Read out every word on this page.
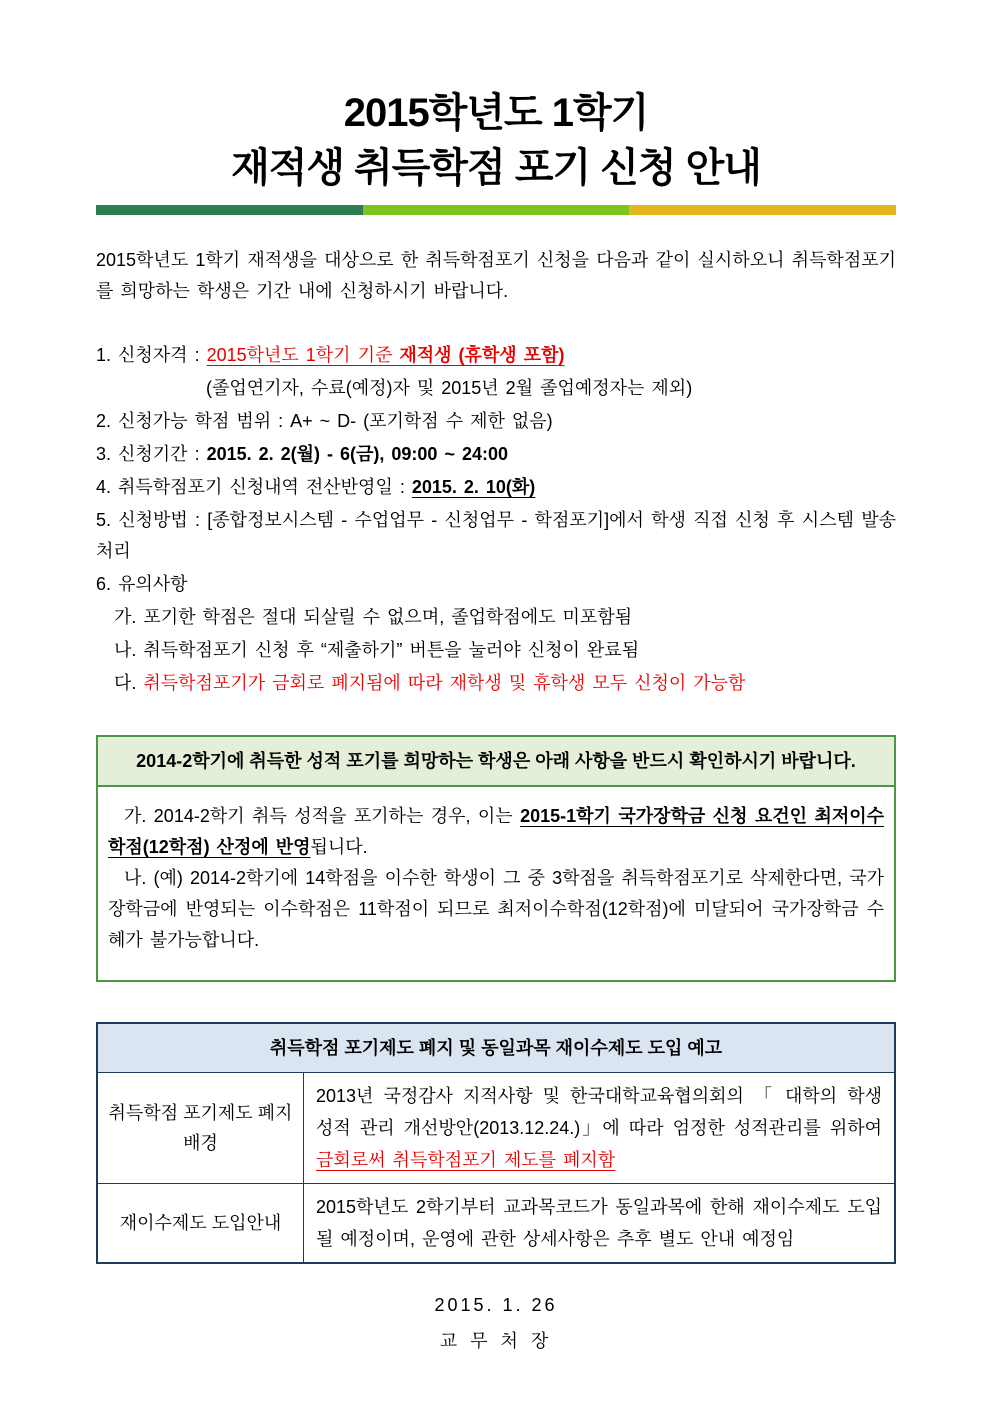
2015학년도 1학기
재적생 취득학점 포기 신청 안내

2015학년도 1학기 재적생을 대상으로 한 취득학점포기 신청을 다음과 같이 실시하오니 취득학점포기를 희망하는 학생은 기간 내에 신청하시기 바랍니다.

1. 신청자격 : 2015학년도 1학기 기준 재적생 (휴학생 포함)
(졸업연기자, 수료(예정)자 및 2015년 2월 졸업예정자는 제외)
2. 신청가능 학점 범위 : A+ ~ D- (포기학점 수 제한 없음)
3. 신청기간 : 2015. 2. 2(월) - 6(금), 09:00 ~ 24:00
4. 취득학점포기 신청내역 전산반영일 : 2015. 2. 10(화)
5. 신청방법 : [종합정보시스템 - 수업업무 - 신청업무 - 학점포기]에서 학생 직접 신청 후 시스템 발송 처리
6. 유의사항
가. 포기한 학점은 절대 되살릴 수 없으며, 졸업학점에도 미포함됨
나. 취득학점포기 신청 후 “제출하기” 버튼을 눌러야 신청이 완료됨
다. 취득학점포기가 금회로 폐지됨에 따라 재학생 및 휴학생 모두 신청이 가능함
2014-2학기에 취득한 성적 포기를 희망하는 학생은 아래 사항을 반드시 확인하시기 바랍니다.

가. 2014-2학기 취득 성적을 포기하는 경우, 이는 2015-1학기 국가장학금 신청 요건인 최저이수학점(12학점) 산정에 반영됩니다.

나. (예) 2014-2학기에 14학점을 이수한 학생이 그 중 3학점을 취득학점포기로 삭제한다면, 국가장학금에 반영되는 이수학점은 11학점이 되므로 최저이수학점(12학점)에 미달되어 국가장학금 수혜가 불가능합니다.

취득학점 포기제도 폐지 및 동일과목 재이수제도 도입 예고	
취득학점 포기제도 폐지 배경	2013년 국정감사 지적사항 및 한국대학교육협의회의 「 대학의 학생 성적 관리 개선방안(2013.12.24.)」에 따라 엄정한 성적관리를 위하여 금회로써 취득학점포기 제도를 폐지함
재이수제도 도입안내	2015학년도 2학기부터 교과목코드가 동일과목에 한해 재이수제도 도입될 예정이며, 운영에 관한 상세사항은 추후 별도 안내 예정임
2015. 1. 26
교 무 처 장
